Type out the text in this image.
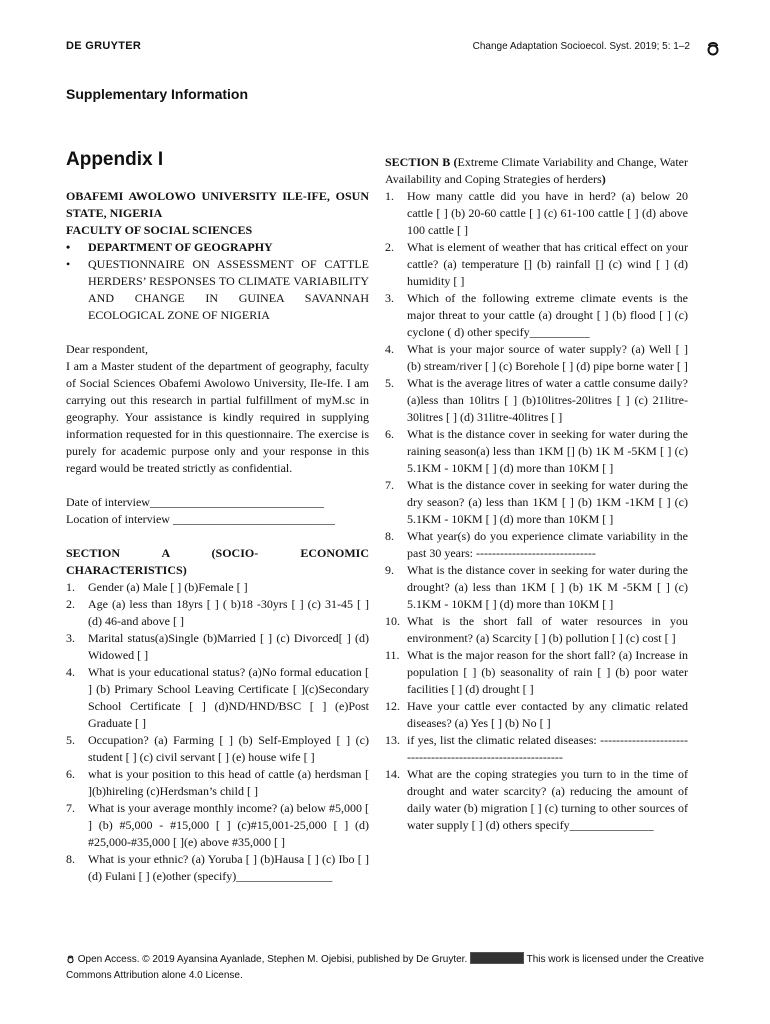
DE GRUYTER	Change Adaptation Socioecol. Syst. 2019; 5: 1–2
Supplementary Information
Appendix I
OBAFEMI AWOLOWO UNIVERSITY ILE-IFE, OSUN
STATE, NIGERIA
FACULTY OF SOCIAL SCIENCES
• DEPARTMENT OF GEOGRAPHY
• QUESTIONNAIRE ON ASSESSMENT OF CATTLE HERDERS’ RESPONSES TO CLIMATE VARIABILITY AND CHANGE IN GUINEA SAVANNAH ECOLOGICAL ZONE OF NIGERIA
Dear respondent,
I am a Master student of the department of geography, faculty of Social Sciences Obafemi Awolowo University, Ile-Ife. I am carrying out this research in partial fulfillment of myM.sc in geography. Your assistance is kindly required in supplying information requested for in this questionnaire. The exercise is purely for academic purpose only and your response in this regard would be treated strictly as confidential.
Date of interview_____________________________
Location of interview ___________________________
SECTION A (SOCIO- ECONOMIC CHARACTERISTICS)
1. Gender (a) Male [ ] (b)Female [ ]
2. Age (a) less than 18yrs [ ] ( b)18 -30yrs [ ] (c) 31-45 [ ] (d) 46-and above [ ]
3. Marital status(a)Single (b)Married [ ] (c) Divorced[ ] (d) Widowed [ ]
4. What is your educational status? (a)No formal education [ ] (b) Primary School Leaving Certificate [ ](c)Secondary School Certificate [ ] (d)ND/HND/BSC [ ] (e)Post Graduate [ ]
5. Occupation? (a) Farming [ ] (b) Self-Employed [ ] (c) student [ ] (c) civil servant [ ] (e) house wife [ ]
6. what is your position to this head of cattle (a) herdsman [ ](b)hireling (c)Herdsman’s child [ ]
7. What is your average monthly income? (a) below #5,000 [ ] (b) #5,000 - #15,000 [ ] (c)#15,001-25,000 [ ] (d) #25,000-#35,000 [ ](e) above #35,000 [ ]
8. What is your ethnic? (a) Yoruba [ ] (b)Hausa [ ] (c) Ibo [ ] (d) Fulani [ ] (e)other (specify)________________
SECTION B (Extreme Climate Variability and Change, Water Availability and Coping Strategies of herders)
1. How many cattle did you have in herd? (a) below 20 cattle [ ] (b) 20-60 cattle [ ] (c) 61-100 cattle [ ] (d) above 100 cattle [ ]
2. What is element of weather that has critical effect on your cattle? (a) temperature [] (b) rainfall [] (c) wind [ ] (d) humidity [ ]
3. Which of the following extreme climate events is the major threat to your cattle (a) drought [ ] (b) flood [ ] (c) cyclone ( d) other specify__________
4. What is your major source of water supply? (a) Well [ ] (b) stream/river [ ] (c) Borehole [ ] (d) pipe borne water [ ]
5. What is the average litres of water a cattle consume daily? (a)less than 10litrs [ ] (b)10litres-20litres [ ] (c) 21litre-30litres [ ] (d) 31litre-40litres [ ]
6. What is the distance cover in seeking for water during the raining season(a) less than 1KM [] (b) 1K M -5KM [ ] (c) 5.1KM - 10KM [ ] (d) more than 10KM [ ]
7. What is the distance cover in seeking for water during the dry season? (a) less than 1KM [ ] (b) 1KM -1KM [ ] (c) 5.1KM - 10KM [ ] (d) more than 10KM [ ]
8. What year(s) do you experience climate variability in the past 30 years: ------------------------------
9. What is the distance cover in seeking for water during the drought? (a) less than 1KM [ ] (b) 1K M -5KM [ ] (c) 5.1KM - 10KM [ ] (d) more than 10KM [ ]
10. What is the short fall of water resources in you environment? (a) Scarcity [ ] (b) pollution [ ] (c) cost [ ]
11. What is the major reason for the short fall? (a) Increase in population [ ] (b) seasonality of rain [ ] (b) poor water facilities [ ] (d) drought [ ]
12. Have your cattle ever contacted by any climatic related diseases? (a) Yes [ ] (b) No [ ]
13. if yes, list the climatic related diseases: -------------------------------------------------------------
14. What are the coping strategies you turn to in the time of drought and water scarcity? (a) reducing the amount of daily water (b) migration [ ] (c) turning to other sources of water supply [ ] (d) others specify______________
Open Access. © 2019 Ayansina Ayanlade, Stephen M. Ojebisi, published by De Gruyter.	This work is licensed under the Creative Commons Attribution alone 4.0 License.
